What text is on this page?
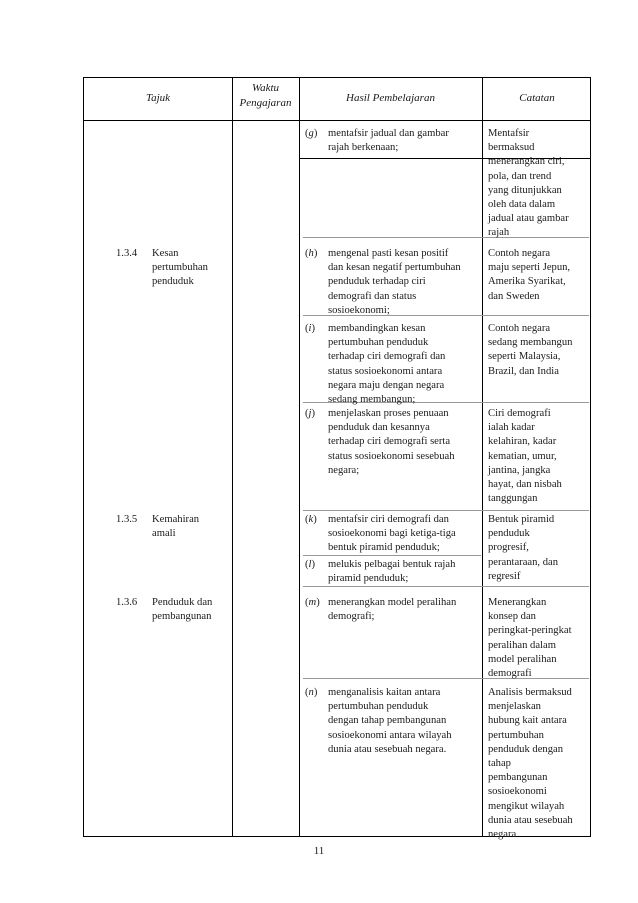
Tajuk
Waktu
Pengajaran	Hasil Pembelajaran	Catatan
1.3.4 Kesan
pertumbuhan
penduduk
1.3.5 Kemahiran
amali
1.3.6 Penduduk dan
pembangunan
(g) mentafsir jadual dan gambar
rajah berkenaan;
(h) mengenal pasti kesan positif
dan kesan negatif pertumbuhan
penduduk terhadap ciri
demografi dan status
sosioekonomi;
(i) membandingkan kesan
pertumbuhan penduduk
terhadap ciri demografi dan
status sosioekonomi antara
negara maju dengan negara
sedang membangun;
(j) menjelaskan proses penuaan
penduduk dan kesannya
terhadap ciri demografi serta
status sosioekonomi sesebuah
negara;
(k) mentafsir ciri demografi dan
sosioekonomi bagi ketiga-tiga
bentuk piramid penduduk;
(l) melukis pelbagai bentuk rajah
piramid penduduk;
(m) menerangkan model peralihan
demografi;
(n) menganalisis kaitan antara
pertumbuhan penduduk
dengan tahap pembangunan
sosioekonomi antara wilayah
dunia atau sesebuah negara.
Mentafsir
bermaksud
menerangkan ciri,
pola, dan trend
yang ditunjukkan
oleh data dalam
jadual atau gambar
rajah
Contoh negara
maju seperti Jepun,
Amerika Syarikat,
dan Sweden
Contoh negara
sedang membangun
seperti Malaysia,
Brazil, dan India
Ciri demografi
ialah kadar
kelahiran, kadar
kematian, umur,
jantina, jangka
hayat, dan nisbah
tanggungan
Bentuk piramid
penduduk
progresif,
perantaraan, dan
regresif
Menerangkan
konsep dan
peringkat-peringkat
peralihan dalam
model peralihan
demografi
Analisis bermaksud
menjelaskan
hubung kait antara
pertumbuhan
penduduk dengan
tahap
pembangunan
sosioekonomi
mengikut wilayah
dunia atau sesebuah
negara
11
